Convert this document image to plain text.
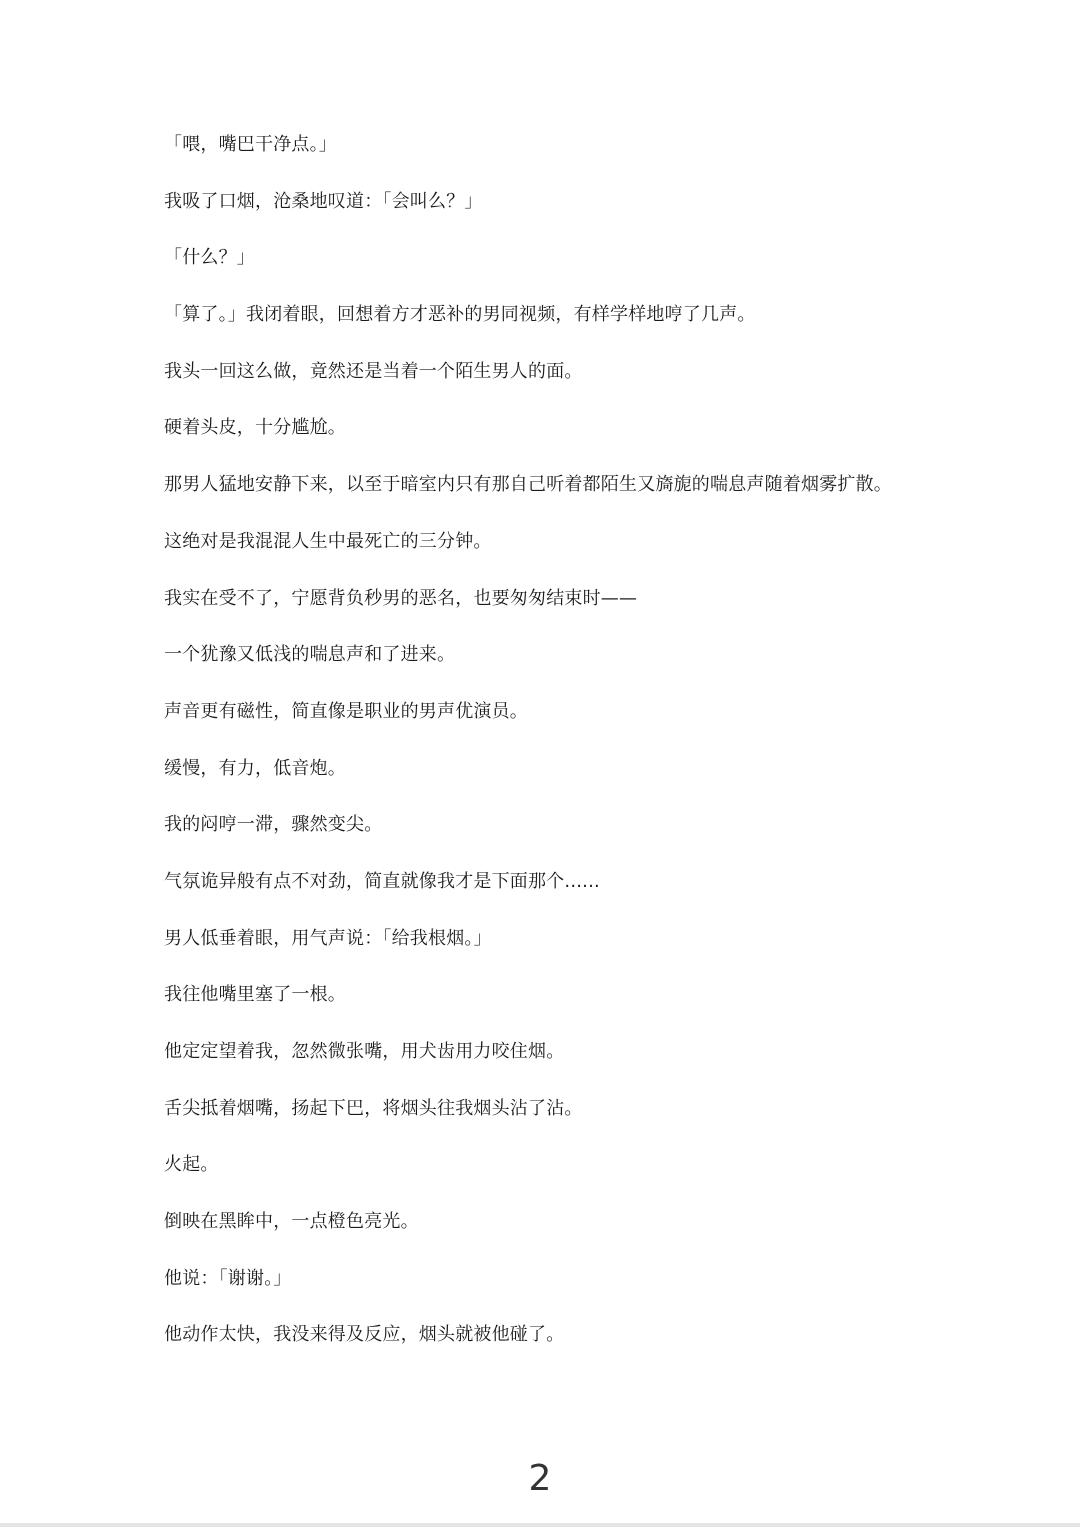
「喂，嘴巴干净点。」

我吸了口烟，沧桑地叹道：「会叫么？」

「什么？」

「算了。」我闭着眼，回想着方才恶补的男同视频，有样学样地哼了几声。

我头一回这么做，竟然还是当着一个陌生男人的面。

硬着头皮，十分尴尬。

那男人猛地安静下来，以至于暗室内只有那自己听着都陌生又旖旎的喘息声随着烟雾扩散。

这绝对是我混混人生中最死亡的三分钟。

我实在受不了，宁愿背负秒男的恶名，也要匆匆结束时——

一个犹豫又低浅的喘息声和了进来。

声音更有磁性，简直像是职业的男声优演员。

缓慢，有力，低音炮。

我的闷哼一滞，骤然变尖。

气氛诡异般有点不对劲，简直就像我才是下面那个......

男人低垂着眼，用气声说：「给我根烟。」

我往他嘴里塞了一根。

他定定望着我，忽然微张嘴，用犬齿用力咬住烟。

舌尖抵着烟嘴，扬起下巴，将烟头往我烟头沾了沾。

火起。

倒映在黑眸中，一点橙色亮光。

他说：「谢谢。」

他动作太快，我没来得及反应，烟头就被他碰了。

2
